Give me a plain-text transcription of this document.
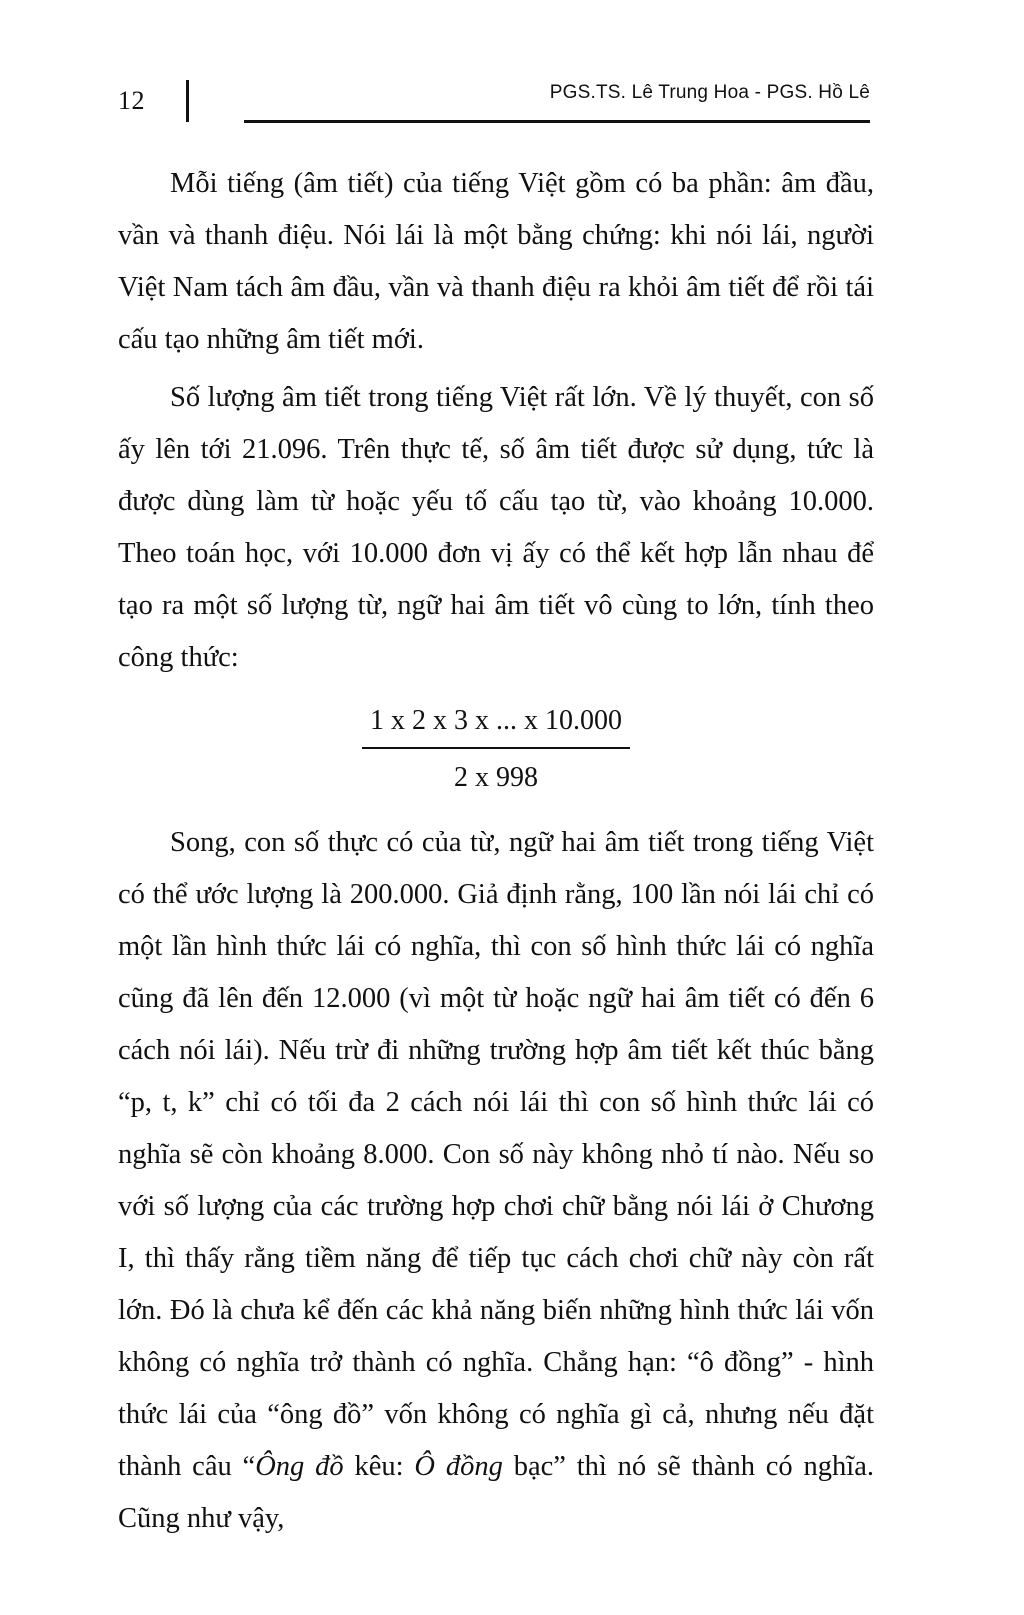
12	PGS.TS. Lê Trung Hoa - PGS. Hồ Lê

Mỗi tiếng (âm tiết) của tiếng Việt gồm có ba phần: âm đầu, vần và thanh điệu. Nói lái là một bằng chứng: khi nói lái, người Việt Nam tách âm đầu, vần và thanh điệu ra khỏi âm tiết để rồi tái cấu tạo những âm tiết mới.

Số lượng âm tiết trong tiếng Việt rất lớn. Về lý thuyết, con số ấy lên tới 21.096. Trên thực tế, số âm tiết được sử dụng, tức là được dùng làm từ hoặc yếu tố cấu tạo từ, vào khoảng 10.000. Theo toán học, với 10.000 đơn vị ấy có thể kết hợp lẫn nhau để tạo ra một số lượng từ, ngữ hai âm tiết vô cùng to lớn, tính theo công thức:

$\frac{1 x 2 x 3 x ... x 10.000}{2 x 998}$

Song, con số thực có của từ, ngữ hai âm tiết trong tiếng Việt có thể ước lượng là 200.000. Giả định rằng, 100 lần nói lái chỉ có một lần hình thức lái có nghĩa, thì con số hình thức lái có nghĩa cũng đã lên đến 12.000 (vì một từ hoặc ngữ hai âm tiết có đến 6 cách nói lái). Nếu trừ đi những trường hợp âm tiết kết thúc bằng “p, t, k” chỉ có tối đa 2 cách nói lái thì con số hình thức lái có nghĩa sẽ còn khoảng 8.000. Con số này không nhỏ tí nào. Nếu so với số lượng của các trường hợp chơi chữ bằng nói lái ở Chương I, thì thấy rằng tiềm năng để tiếp tục cách chơi chữ này còn rất lớn. Đó là chưa kể đến các khả năng biến những hình thức lái vốn không có nghĩa trở thành có nghĩa. Chẳng hạn: “ô đồng” - hình thức lái của “ông đồ” vốn không có nghĩa gì cả, nhưng nếu đặt thành câu “Ông đồ kêu: Ô đồng bạc” thì nó sẽ thành có nghĩa. Cũng như vậy,
